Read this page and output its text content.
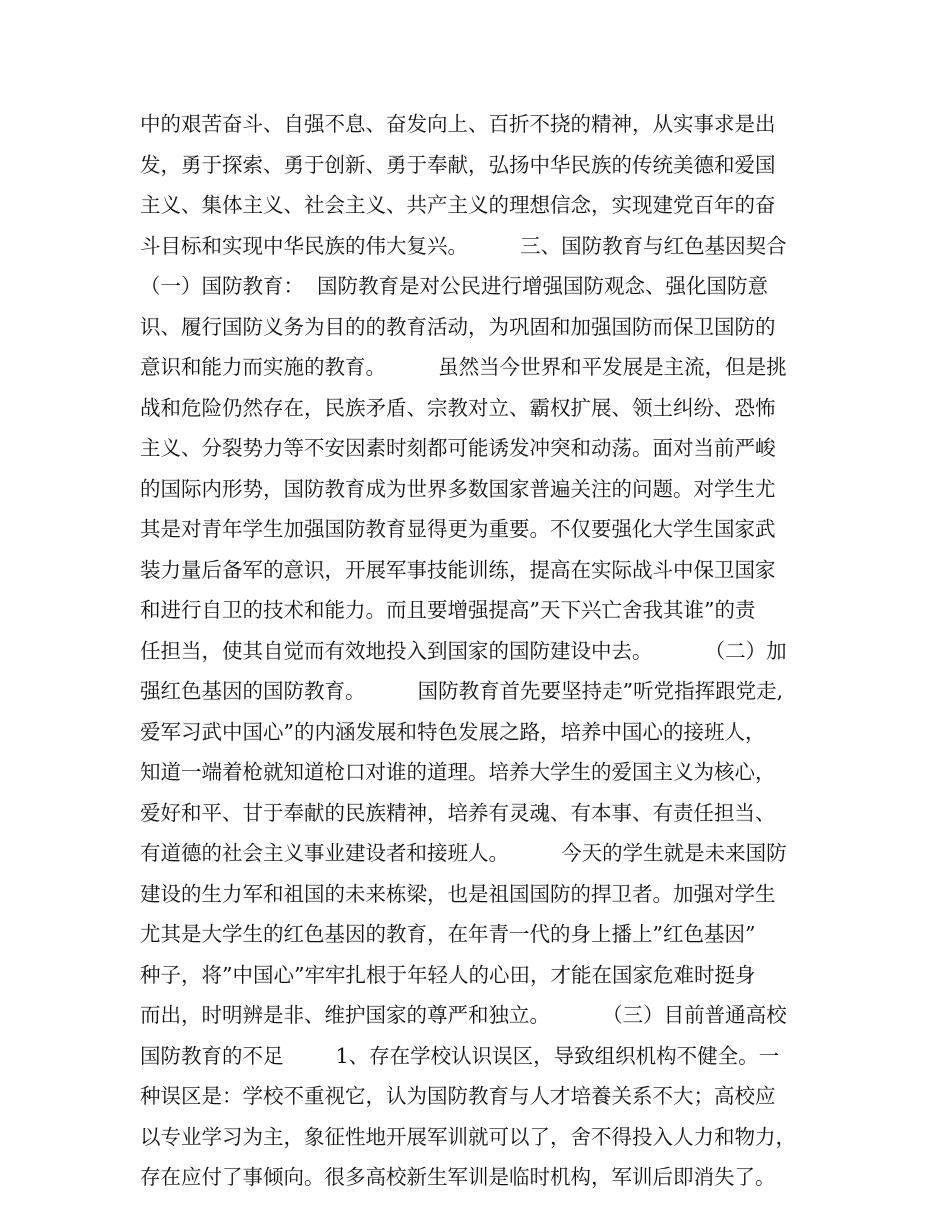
中的艰苦奋斗、自强不息、奋发向上、百折不挠的精神，从实事求是出
发，勇于探索、勇于创新、勇于奉献，弘扬中华民族的传统美德和爱国
主义、集体主义、社会主义、共产主义的理想信念，实现建党百年的奋
斗目标和实现中华民族的伟大复兴。        三、国防教育与红色基因契合
（一）国防教育：  国防教育是对公民进行增强国防观念、强化国防意
识、履行国防义务为目的的教育活动，为巩固和加强国防而保卫国防的
意识和能力而实施的教育。        虽然当今世界和平发展是主流，但是挑
战和危险仍然存在，民族矛盾、宗教对立、霸权扩展、领土纠纷、恐怖
主义、分裂势力等不安因素时刻都可能诱发冲突和动荡。面对当前严峻
的国际内形势，国防教育成为世界多数国家普遍关注的问题。对学生尤
其是对青年学生加强国防教育显得更为重要。不仅要强化大学生国家武
装力量后备军的意识，开展军事技能训练，提高在实际战斗中保卫国家
和进行自卫的技术和能力。而且要增强提高”天下兴亡舍我其谁”的责
任担当，使其自觉而有效地投入到国家的国防建设中去。        （二）加
强红色基因的国防教育。        国防教育首先要坚持走”听党指挥跟党走,
爱军习武中国心”的内涵发展和特色发展之路，培养中国心的接班人，
知道一端着枪就知道枪口对谁的道理。培养大学生的爱国主义为核心，
爱好和平、甘于奉献的民族精神，培养有灵魂、有本事、有责任担当、
有道德的社会主义事业建设者和接班人。        今天的学生就是未来国防
建设的生力军和祖国的未来栋梁，也是祖国国防的捍卫者。加强对学生
尤其是大学生的红色基因的教育，在年青一代的身上播上”红色基因”
种子，将”中国心”牢牢扎根于年轻人的心田，才能在国家危难时挺身
而出，时明辨是非、维护国家的尊严和独立。        （三）目前普通高校
国防教育的不足        1、存在学校认识误区，导致组织机构不健全。一
种误区是：学校不重视它，认为国防教育与人才培養关系不大；高校应
以专业学习为主，象征性地开展军训就可以了，舍不得投入人力和物力，
存在应付了事倾向。很多高校新生军训是临时机构，军训后即消失了。
